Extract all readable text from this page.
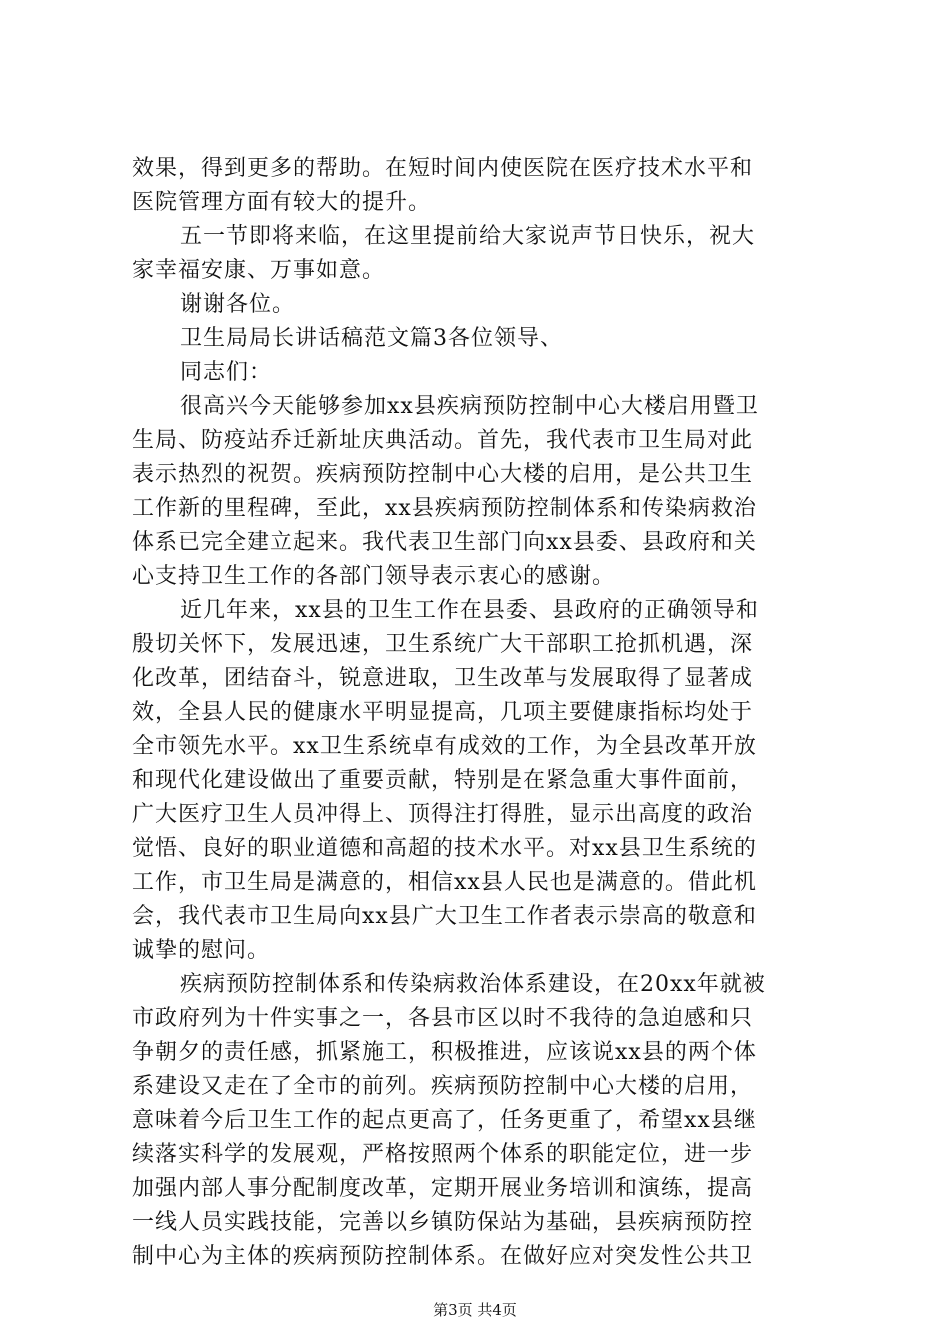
效果，得到更多的帮助。在短时间内使医院在医疗技术水平和
医院管理方面有较大的提升。
五一节即将来临，在这里提前给大家说声节日快乐，祝大
家幸福安康、万事如意。
谢谢各位。
卫生局局长讲话稿范文篇3各位领导、
同志们：
很高兴今天能够参加xx县疾病预防控制中心大楼启用暨卫
生局、防疫站乔迁新址庆典活动。首先，我代表市卫生局对此
表示热烈的祝贺。疾病预防控制中心大楼的启用，是公共卫生
工作新的里程碑，至此，xx县疾病预防控制体系和传染病救治
体系已完全建立起来。我代表卫生部门向xx县委、县政府和关
心支持卫生工作的各部门领导表示衷心的感谢。
近几年来，xx县的卫生工作在县委、县政府的正确领导和
殷切关怀下，发展迅速，卫生系统广大干部职工抢抓机遇，深
化改革，团结奋斗，锐意进取，卫生改革与发展取得了显著成
效，全县人民的健康水平明显提高，几项主要健康指标均处于
全市领先水平。xx卫生系统卓有成效的工作，为全县改革开放
和现代化建设做出了重要贡献，特别是在紧急重大事件面前，
广大医疗卫生人员冲得上、顶得注打得胜，显示出高度的政治
觉悟、良好的职业道德和高超的技术水平。对xx县卫生系统的
工作，市卫生局是满意的，相信xx县人民也是满意的。借此机
会，我代表市卫生局向xx县广大卫生工作者表示崇高的敬意和
诚挚的慰问。
疾病预防控制体系和传染病救治体系建设，在20xx年就被
市政府列为十件实事之一，各县市区以时不我待的急迫感和只
争朝夕的责任感，抓紧施工，积极推进，应该说xx县的两个体
系建设又走在了全市的前列。疾病预防控制中心大楼的启用，
意味着今后卫生工作的起点更高了，任务更重了，希望xx县继
续落实科学的发展观，严格按照两个体系的职能定位，进一步
加强内部人事分配制度改革，定期开展业务培训和演练，提高
一线人员实践技能，完善以乡镇防保站为基础，县疾病预防控
制中心为主体的疾病预防控制体系。在做好应对突发性公共卫
第3页 共4页
